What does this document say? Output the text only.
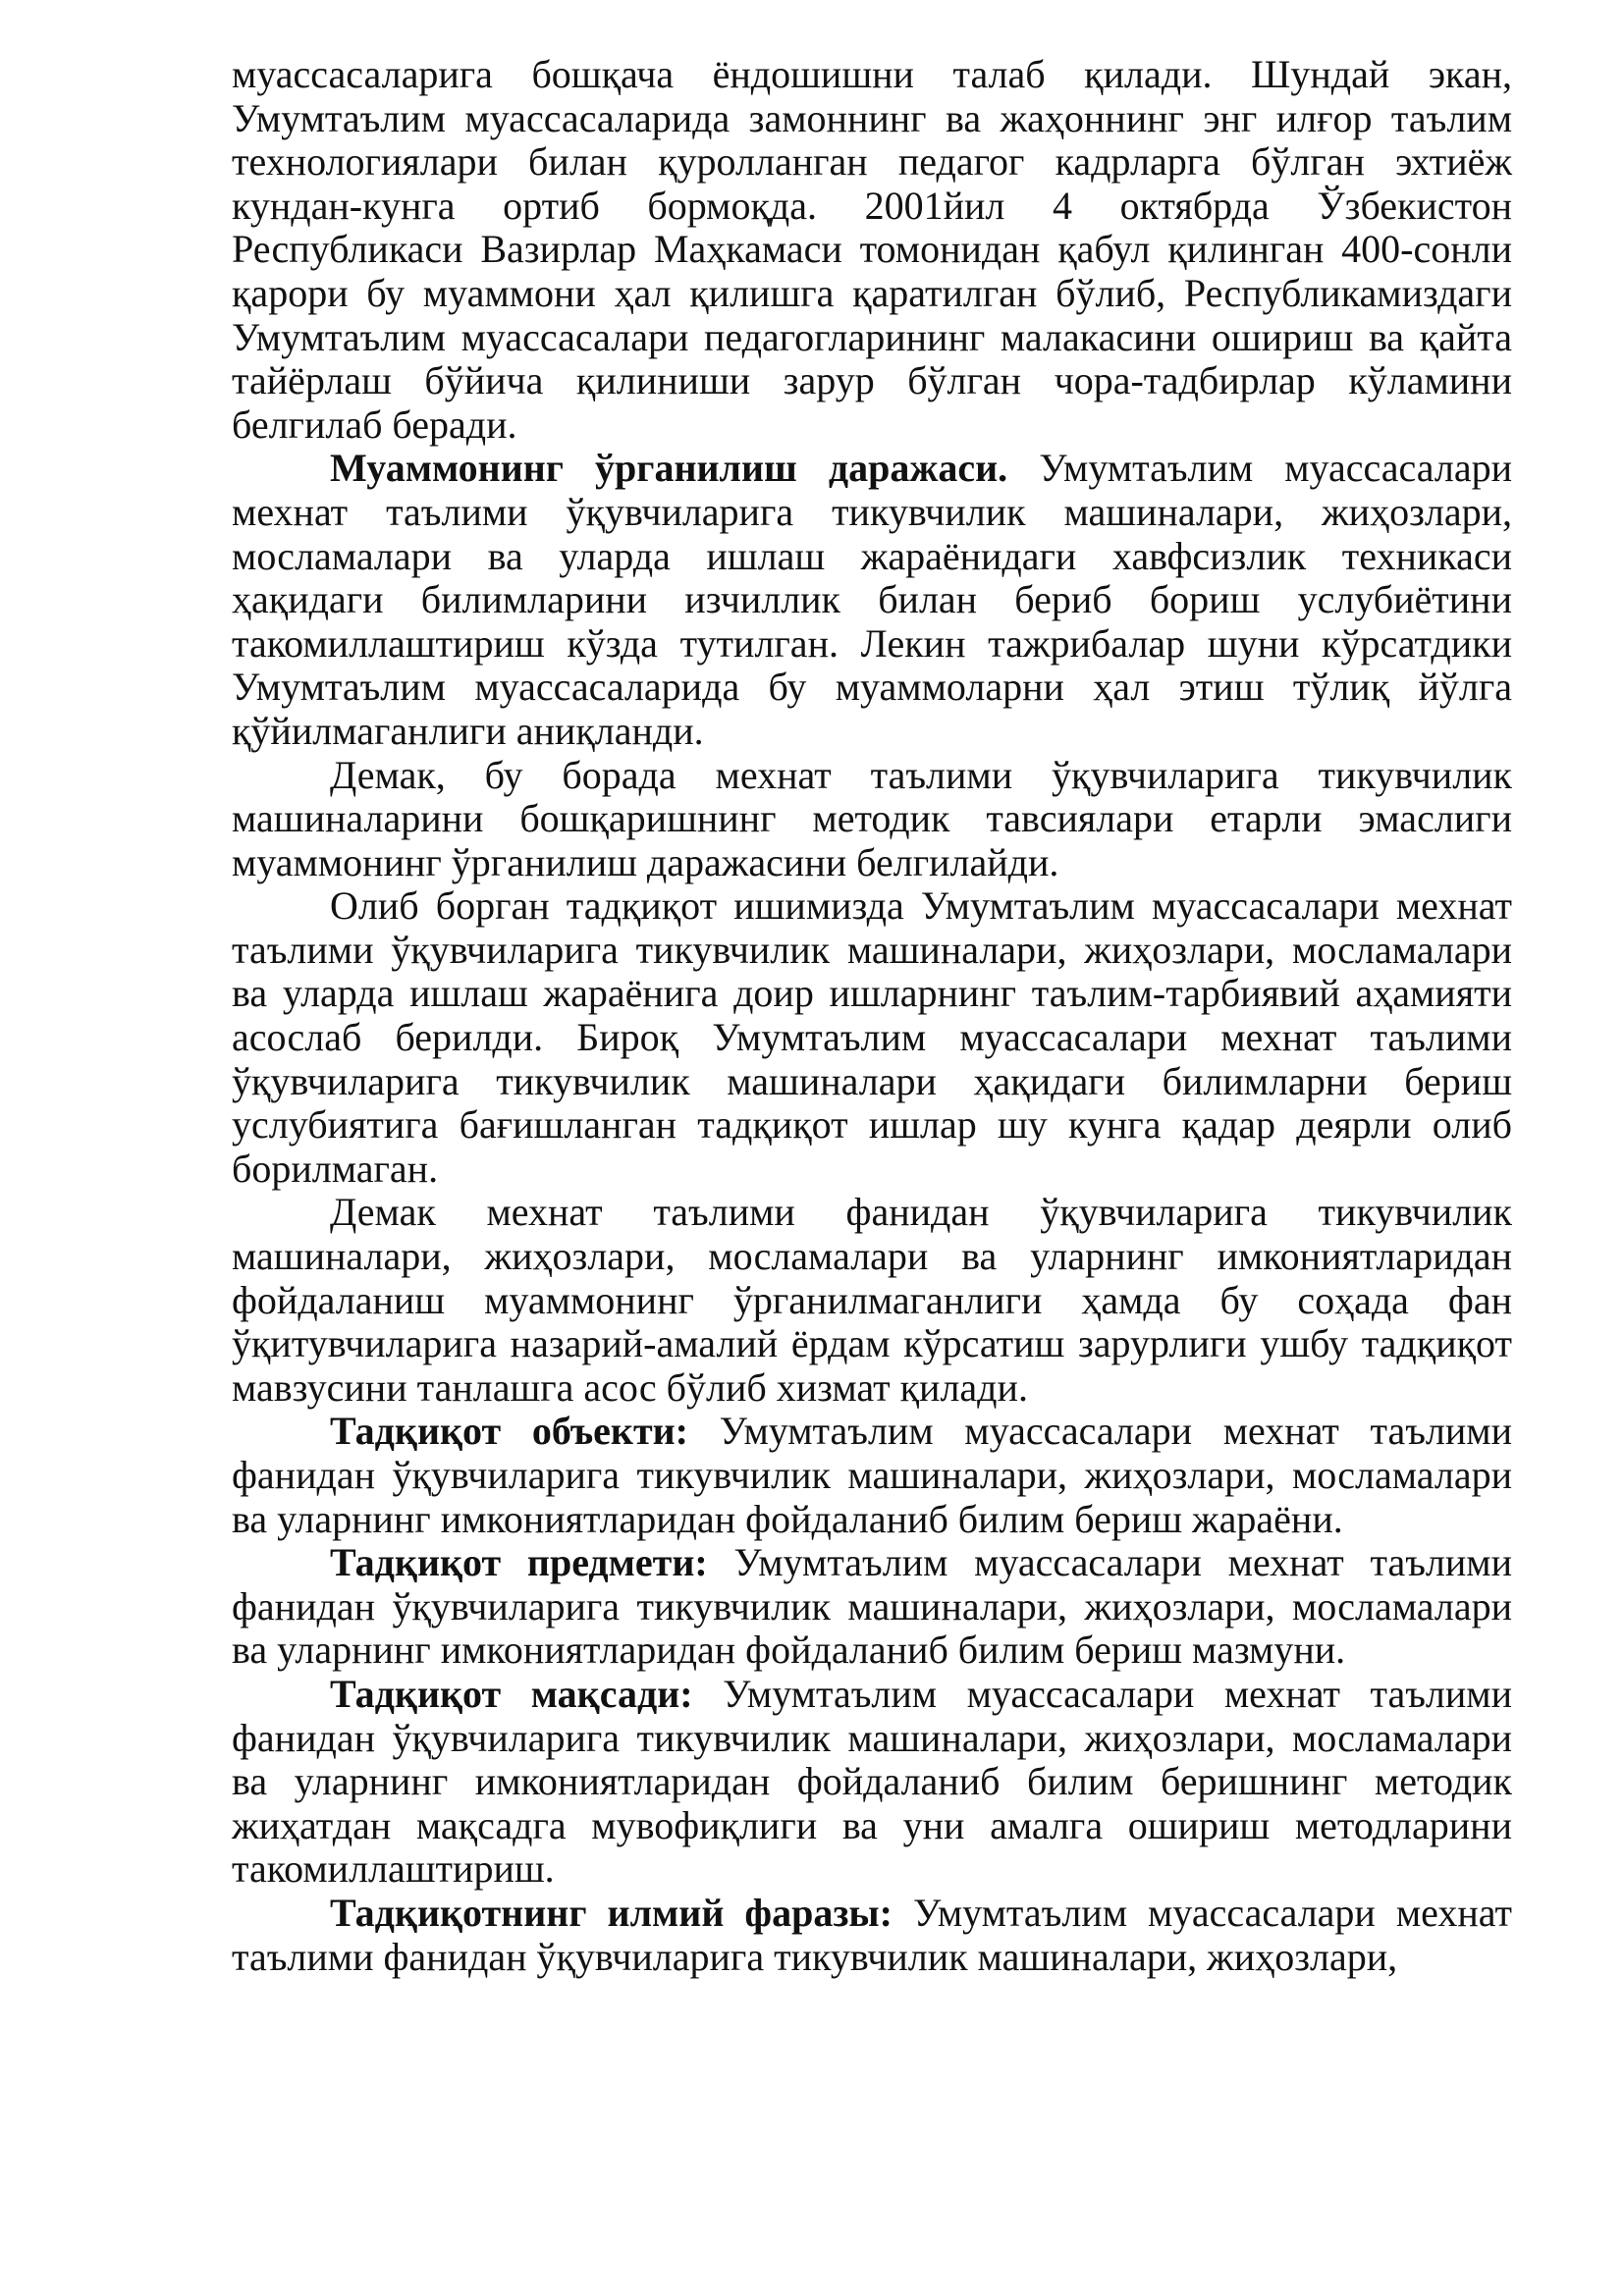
муассасаларига бошқача ёндошишни талаб қилади. Шундай экан, Умумтаълим муассасаларида замоннинг ва жаҳоннинг энг илғор таълим технологиялари билан қуролланган педагог кадрларга бўлган эхтиёж кундан-кунга ортиб бормоқда. 2001йил 4 октябрда Ўзбекистон Республикаси Вазирлар Маҳкамаси томонидан қабул қилинган 400-сонли қарори бу муаммони ҳал қилишга қаратилган бўлиб, Республикамиздаги Умумтаълим муассасалари педагогларининг малакасини ошириш ва қайта тайёрлаш бўйича қилиниши зарур бўлган чора-тадбирлар кўламини белгилаб беради.

Муаммонинг ўрганилиш даражаси. Умумтаълим муассасалари мехнат таълими ўқувчиларига тикувчилик машиналари, жиҳозлари, мосламалари ва уларда ишлаш жараёнидаги хавфсизлик техникаси ҳақидаги билимларини изчиллик билан бериб бориш услубиётини такомиллаштириш кўзда тутилган. Лекин тажрибалар шуни кўрсатдики Умумтаълим муассасаларида бу муаммоларни ҳал этиш тўлиқ йўлга қўйилмаганлиги аниқланди.

Демак, бу борада мехнат таълими ўқувчиларига тикувчилик машиналарини бошқаришнинг методик тавсиялари етарли эмаслиги муаммонинг ўрганилиш даражасини белгилайди.

Олиб борган тадқиқот ишимизда Умумтаълим муассасалари мехнат таълими ўқувчиларига тикувчилик машиналари, жиҳозлари, мосламалари ва уларда ишлаш жараёнига доир ишларнинг таълим-тарбиявий аҳамияти асослаб берилди. Бироқ Умумтаълим муассасалари мехнат таълими ўқувчиларига тикувчилик машиналари ҳақидаги билимларни бериш услубиятига бағишланган тадқиқот ишлар шу кунга қадар деярли олиб борилмаган.

Демак мехнат таълими фанидан ўқувчиларига тикувчилик машиналари, жиҳозлари, мосламалари ва уларнинг имкониятларидан фойдаланиш муаммонинг ўрганилмаганлиги ҳамда бу соҳада фан ўқитувчиларига назарий-амалий ёрдам кўрсатиш зарурлиги ушбу тадқиқот мавзусини танлашга асос бўлиб хизмат қилади.

Тадқиқот объекти: Умумтаълим муассасалари мехнат таълими фанидан ўқувчиларига тикувчилик машиналари, жиҳозлари, мосламалари ва уларнинг имкониятларидан фойдаланиб билим бериш жараёни.

Тадқиқот предмети: Умумтаълим муассасалари мехнат таълими фанидан ўқувчиларига тикувчилик машиналари, жиҳозлари, мосламалари ва уларнинг имкониятларидан фойдаланиб билим бериш мазмуни.

Тадқиқот мақсади: Умумтаълим муассасалари мехнат таълими фанидан ўқувчиларига тикувчилик машиналари, жиҳозлари, мосламалари ва уларнинг имкониятларидан фойдаланиб билим беришнинг методик жиҳатдан мақсадга мувофиқлиги ва уни амалга ошириш методларини такомиллаштириш.

Тадқиқотнинг илмий фаразы: Умумтаълим муассасалари мехнат таълими фанидан ўқувчиларига тикувчилик машиналари, жиҳозлари,
